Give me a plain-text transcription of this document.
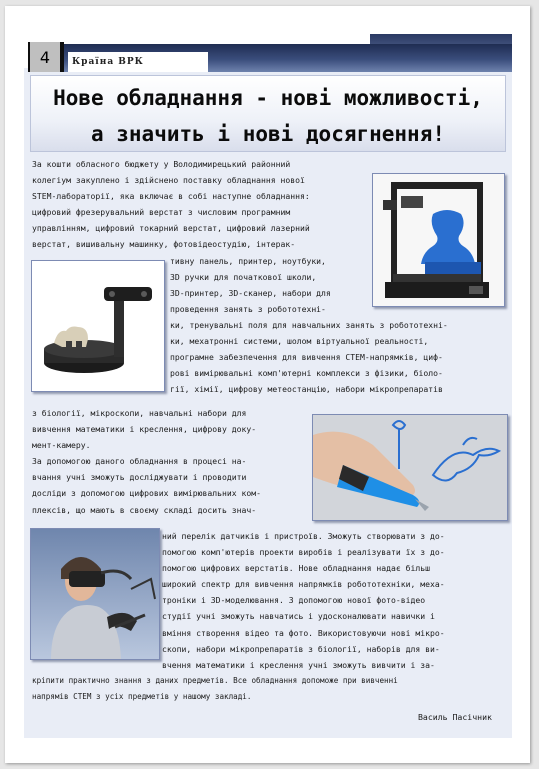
4	Країна ВРК
Нове обладнання - нові можливості,
а значить і нові досягнення!
За кошти обласного бюджету у Володимирецький районний
колегіум закуплено і здійснено поставку обладнання нової
STEM-лабораторії, яка включає в собі наступне обладнання:
цифровий фрезерувальний верстат з числовим програмним
управлінням, цифровий токарний верстат, цифровий лазерний
верстат, вишивальну машинку, фотовідеостудію, інтерак-
тивну панель, принтер, ноутбуки,
3D ручки для початкової школи,
3D-принтер, 3D-сканер, набори для
проведення занять з робототехні-
ки, тренувальні поля для навчальних занять з робототехні-
ки, мехатронні системи, шолом віртуальної реальності,
програмне забезпечення для вивчення СТЕМ-напрямків, циф-
рові вимірювальні комп'ютерні комплекси з фізики, біоло-
гії, хімії, цифрову метеостанцію, набори мікропрепаратів
з біології, мікроскопи, навчальні набори для
вивчення математики і креслення, цифрову доку-
мент-камеру.
За допомогою даного обладнання в процесі на-
вчання учні зможуть досліджувати і проводити
досліди з допомогою цифрових вимірювальних ком-
плексів, що мають в своєму складі досить знач-
ний перелік датчиків і пристроїв. Зможуть створювати з до-
помогою комп'ютерів проекти виробів і реалізувати їх з до-
помогою цифрових верстатів. Нове обладнання надає більш
широкий спектр для вивчення напрямків робототехніки, меха-
троніки і 3D-моделювання. З допомогою нової фото-відео
студії учні зможуть навчатись і удосконалювати навички і
вміння створення відео та фото. Використовуючи нові мікро-
скопи, набори мікропрепаратів з біології, наборів для ви-
вчення математики і креслення учні зможуть вивчити і за-
кріпити практично знання з даних предметів. Все обладнання допоможе при вивченні
напрямів СТЕМ з усіх предметів у нашому закладі.
Василь Пасічник
